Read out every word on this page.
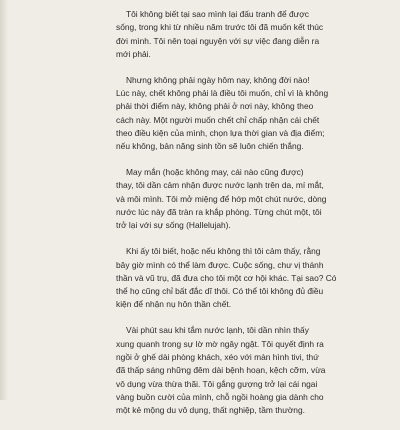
Tôi không biết tại sao mình lại đấu tranh để được
sống, trong khi từ nhiều năm trước tôi đã muốn kết thúc
đời mình. Tôi nên toại nguyện với sự việc đang diễn ra
mới phải.
Nhưng không phải ngày hôm nay, không đời nào!
Lúc này, chết không phải là điều tôi muốn, chỉ vì là không
phải thời điểm này, không phải ở nơi này, không theo
cách này. Một người muốn chết chỉ chấp nhận cái chết
theo điều kiện của mình, chọn lựa thời gian và địa điểm;
nếu không, bản năng sinh tồn sẽ luôn chiến thắng.
May mắn (hoặc không may, cái nào cũng được)
thay, tôi dần cảm nhận được nước lạnh trên da, mí mắt,
và môi mình. Tôi mở miệng để hớp một chút nước, dòng
nước lúc này đã tràn ra khắp phòng. Từng chút một, tôi
trở lại với sự sống (Hallelujah).
Khi ấy tôi biết, hoặc nếu không thì tôi cảm thấy, rằng
bây giờ mình có thể làm được. Cuộc sống, chư vị thánh
thần và vũ trụ, đã đưa cho tôi một cơ hội khác. Tại sao? Có
thể họ cũng chỉ bất đắc dĩ thôi. Có thể tôi không đủ điều
kiện để nhận nụ hôn thần chết.
Vài phút sau khi tắm nước lạnh, tôi dần nhìn thấy
xung quanh trong sự lờ mờ ngây ngật. Tôi quyết định ra
ngồi ở ghế dài phòng khách, xéo với màn hình tivi, thứ
đã thấp sáng những đêm dài bệnh hoạn, kệch cỡm, vừa
vô dụng vừa thừa thãi. Tôi gắng gượng trở lại cái ngai
vàng buồn cười của mình, chỗ ngồi hoàng gia dành cho
một kẻ mộng du vô dụng, thất nghiệp, tầm thường.
